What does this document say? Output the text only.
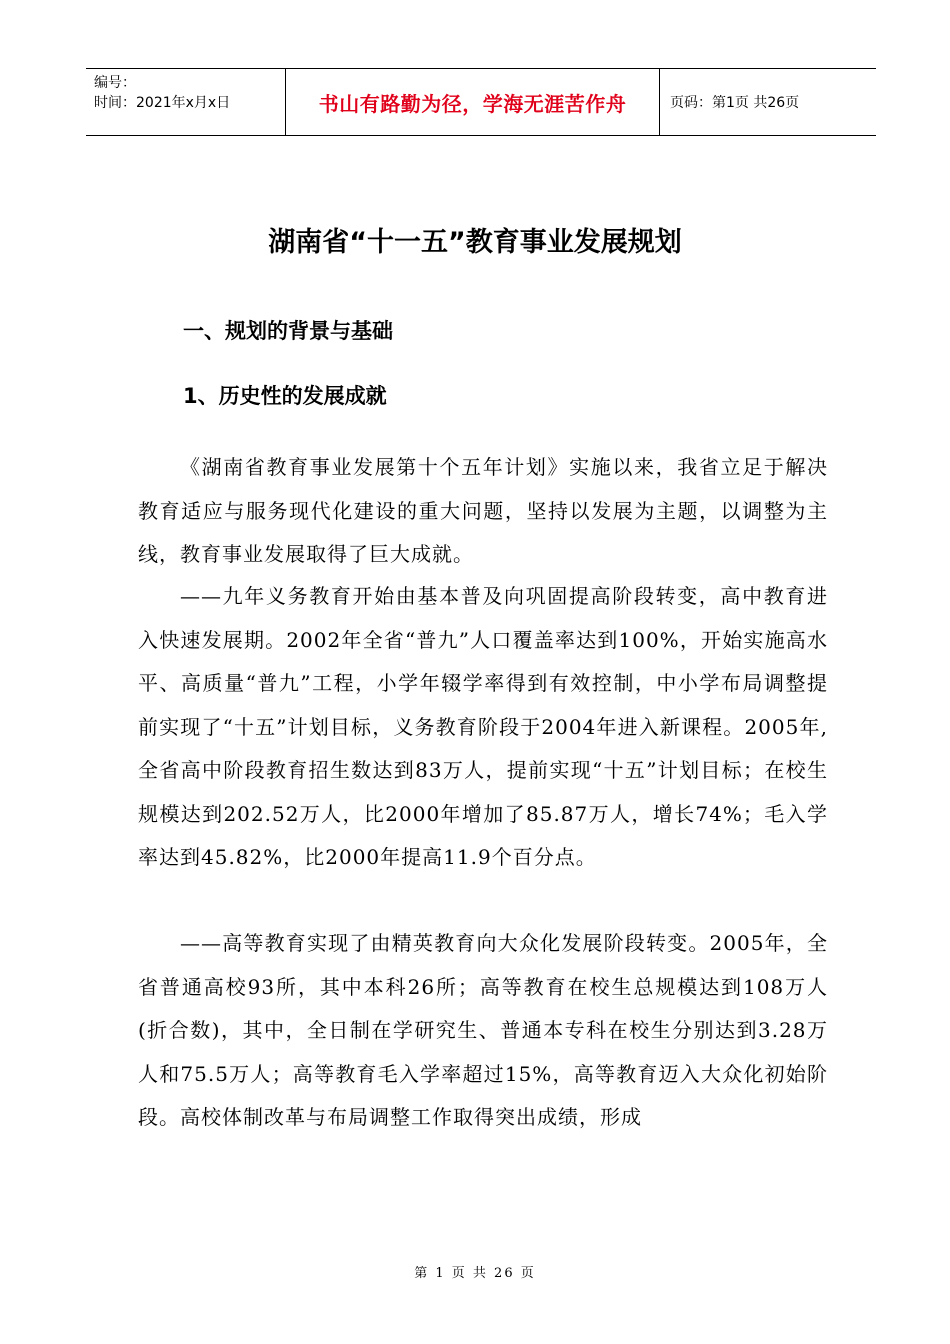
编号：
时间：2021年x月x日	书山有路勤为径，学海无涯苦作舟	页码：第1页 共26页
湖南省“十一五”教育事业发展规划
一、规划的背景与基础
1、历史性的发展成就

《湖南省教育事业发展第十个五年计划》实施以来，我省立足于解决教育适应与服务现代化建设的重大问题，坚持以发展为主题，以调整为主线，教育事业发展取得了巨大成就。

——九年义务教育开始由基本普及向巩固提高阶段转变，高中教育进入快速发展期。2002年全省“普九”人口覆盖率达到100%，开始实施高水平、高质量“普九”工程，小学年辍学率得到有效控制，中小学布局调整提前实现了“十五”计划目标，义务教育阶段于2004年进入新课程。2005年,全省高中阶段教育招生数达到83万人，提前实现“十五”计划目标；在校生规模达到202.52万人，比2000年增加了85.87万人，增长74%；毛入学率达到45.82%，比2000年提高11.9个百分点。

——高等教育实现了由精英教育向大众化发展阶段转变。2005年，全省普通高校93所，其中本科26所；高等教育在校生总规模达到108万人(折合数)，其中，全日制在学研究生、普通本专科在校生分别达到3.28万人和75.5万人；高等教育毛入学率超过15%，高等教育迈入大众化初始阶段。高校体制改革与布局调整工作取得突出成绩，形成

第 1 页 共 26 页
